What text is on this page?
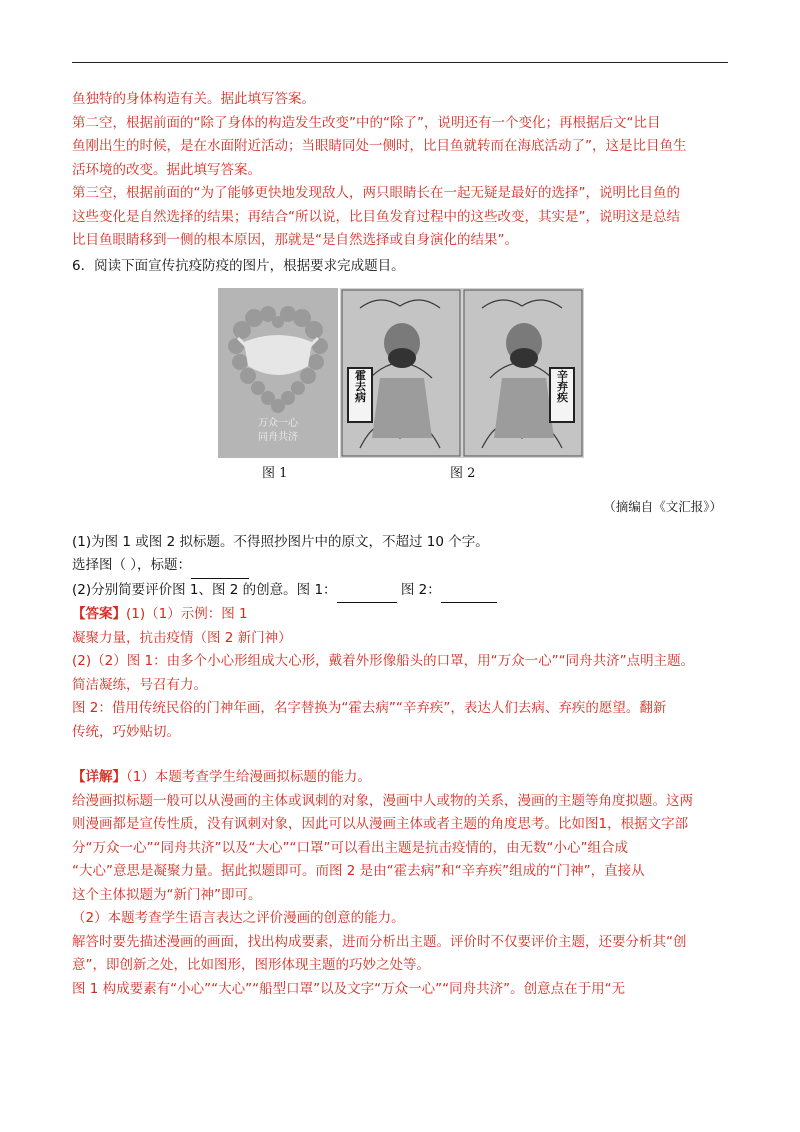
鱼独特的身体构造有关。据此填写答案。

第二空，根据前面的“除了身体的构造发生改变”中的“除了”，说明还有一个变化；再根据后文“比目

鱼刚出生的时候，是在水面附近活动；当眼睛同处一侧时，比目鱼就转而在海底活动了”，这是比目鱼生

活环境的改变。据此填写答案。

第三空，根据前面的“为了能够更快地发现敌人，两只眼睛长在一起无疑是最好的选择”，说明比目鱼的

这些变化是自然选择的结果；再结合“所以说，比目鱼发育过程中的这些改变，其实是”，说明这是总结

比目鱼眼睛移到一侧的根本原因，那就是“是自然选择或自身演化的结果”。

6．阅读下面宣传抗疫防疫的图片，根据要求完成题目。

万众一心
同舟共济
霍去病	辛弃疾
图 1	图 2

（摘编自《文汇报》）

(1)为图 1 或图 2 拟标题。不得照抄图片中的原文，不超过 10 个字。

选择图（ ），标题：

(2)分别简要评价图 1、图 2 的创意。图 1：	图 2：

【答案】(1)（1）示例：图 1

凝聚力量，抗击疫情（图 2 新门神）

(2)（2）图 1：由多个小心形组成大心形，戴着外形像船头的口罩，用“万众一心”“同舟共济”点明主题。

简洁凝练，号召有力。

图 2：借用传统民俗的门神年画，名字替换为“霍去病”“辛弃疾”，表达人们去病、弃疾的愿望。翻新

传统，巧妙贴切。

【详解】（1）本题考查学生给漫画拟标题的能力。

给漫画拟标题一般可以从漫画的主体或讽刺的对象，漫画中人或物的关系，漫画的主题等角度拟题。这两

则漫画都是宣传性质，没有讽刺对象，因此可以从漫画主体或者主题的角度思考。比如图1，根据文字部

分“万众一心”“同舟共济”以及“大心”“口罩”可以看出主题是抗击疫情的，由无数“小心”组合成

“大心”意思是凝聚力量。据此拟题即可。而图 2 是由“霍去病”和“辛弃疾”组成的“门神”，直接从

这个主体拟题为“新门神”即可。

（2）本题考查学生语言表达之评价漫画的创意的能力。

解答时要先描述漫画的画面，找出构成要素，进而分析出主题。评价时不仅要评价主题，还要分析其“创

意”，即创新之处，比如图形，图形体现主题的巧妙之处等。

图 1 构成要素有“小心”“大心”“船型口罩”以及文字“万众一心”“同舟共济”。创意点在于用“无
